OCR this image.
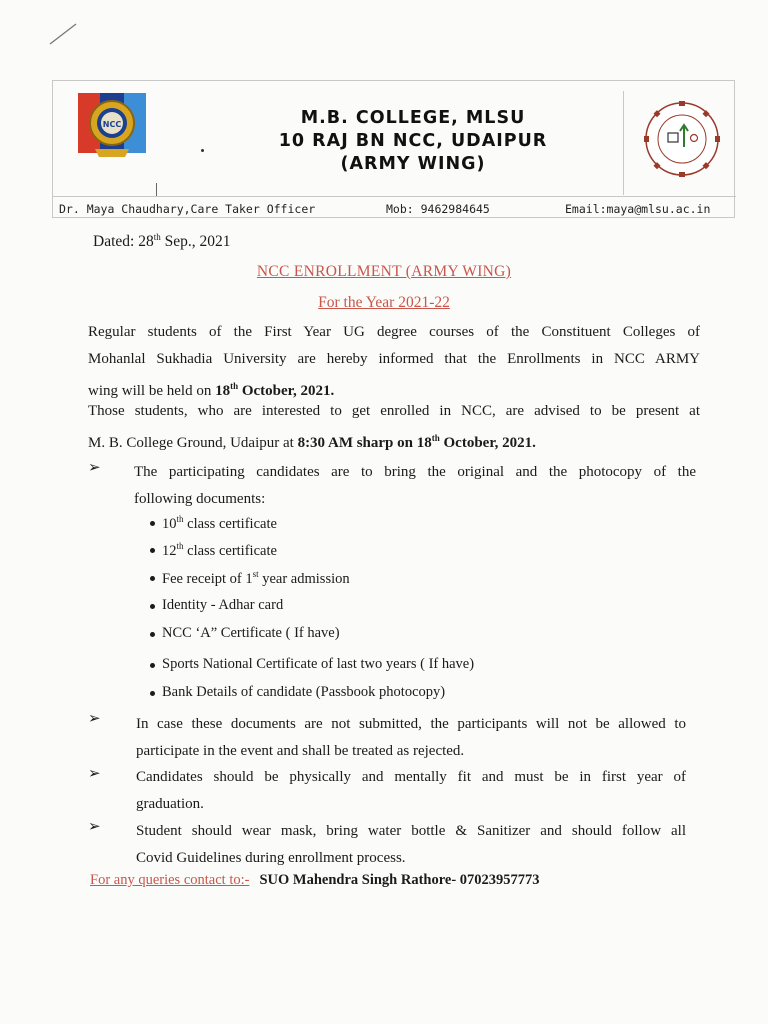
NCC	M.B. COLLEGE, MLSU
10 RAJ BN NCC, UDAIPUR
(ARMY WING)
Dr. Maya Chaudhary,Care Taker Officer	Mob: 9462984645	Email:maya@mlsu.ac.in
Dated: 28th Sep., 2021
NCC ENROLLMENT (ARMY WING)
For the Year 2021-22
Regular students of the First Year UG degree courses of the Constituent Colleges of
Mohanlal Sukhadia University are hereby informed that the Enrollments in NCC ARMY
wing will be held on 18th October, 2021.
Those students, who are interested to get enrolled in NCC, are advised to be present at
M. B. College Ground, Udaipur at 8:30 AM sharp on 18th October, 2021.
➢ The participating candidates are to bring the original and the photocopy of the
following documents:
10th class certificate
12th class certificate
Fee receipt of 1st year admission
Identity - Adhar card
NCC ‘A” Certificate ( If have)
Sports National Certificate of last two years ( If have)
Bank Details of candidate (Passbook photocopy)
➢ In case these documents are not submitted, the participants will not be allowed to
participate in the event and shall be treated as rejected.
➢ Candidates should be physically and mentally fit and must be in first year of
graduation.
➢ Student should wear mask, bring water bottle & Sanitizer and should follow all
Covid Guidelines during enrollment process.
For any queries contact to:- SUO Mahendra Singh Rathore- 07023957773
